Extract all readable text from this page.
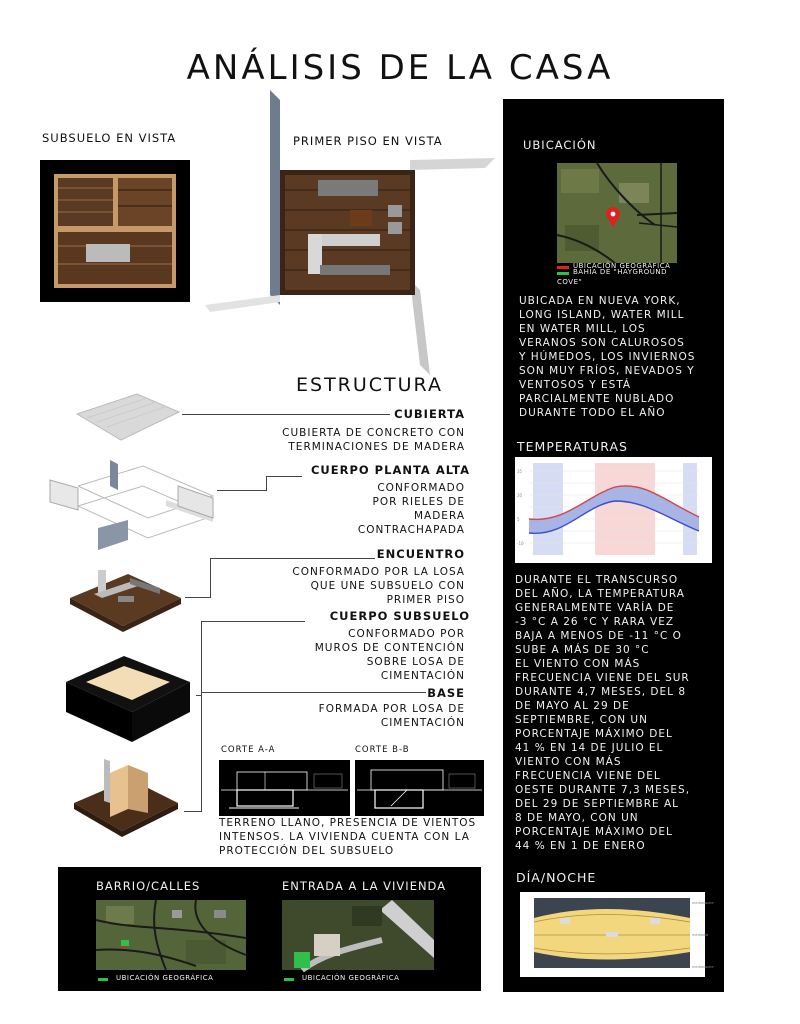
ANÁLISIS DE LA CASA
SUBSUELO EN VISTA	PRIMER PISO EN VISTA
ESTRUCTURA
CUBIERTA
CUBIERTA DE CONCRETO CON
TERMINACIONES DE MADERA
CUERPO PLANTA ALTA
CONFORMADO
POR RIELES DE
MADERA
CONTRACHAPADA
ENCUENTRO
CONFORMADO POR LA LOSA
QUE UNE SUBSUELO CON
PRIMER PISO
CUERPO SUBSUELO
CONFORMADO POR
MUROS DE CONTENCIÓN
SOBRE LOSA DE
CIMENTACIÓN
BASE
FORMADA POR LOSA DE
CIMENTACIÓN
CORTE A-A	CORTE B-B
TERRENO LLANO, PRESENCIA DE VIENTOS
INTENSOS. LA VIVIENDA CUENTA CON LA
PROTECCIÓN DEL SUBSUELO
BARRIO/CALLES	ENTRADA A LA VIVIENDA
UBICACIÓN GEOGRÁFICA	UBICACIÓN GEOGRÁFICA
UBICACIÓN
UBICACIÓN GEOGRÁFICA
BAHÍA DE "HAYGROUND
COVE"
UBICADA EN NUEVA YORK,
LONG ISLAND, WATER MILL
EN WATER MILL, LOS
VERANOS SON CALUROSOS
Y HÚMEDOS, LOS INVIERNOS
SON MUY FRÍOS, NEVADOS Y
VENTOSOS Y ESTÁ
PARCIALMENTE NUBLADO
DURANTE TODO EL AÑO
TEMPERATURAS
35
20
5
-10
DURANTE EL TRANSCURSO
DEL AÑO, LA TEMPERATURA
GENERALMENTE VARÍA DE
-3 °C A 26 °C Y RARA VEZ
BAJA A MENOS DE -11 °C O
SUBE A MÁS DE 30 °C
EL VIENTO CON MÁS
FRECUENCIA VIENE DEL SUR
DURANTE 4,7 MESES, DEL 8
DE MAYO AL 29 DE
SEPTIEMBRE, CON UN
PORCENTAJE MÁXIMO DEL
41 % EN 14 DE JULIO EL
VIENTO CON MÁS
FRECUENCIA VIENE DEL
OESTE DURANTE 7,3 MESES,
DEL 29 DE SEPTIEMBRE AL
8 DE MAYO, CON UN
PORCENTAJE MÁXIMO DEL
44 % EN 1 DE ENERO
DÍA/NOCHE
medianoche
mediodía
medianoche
